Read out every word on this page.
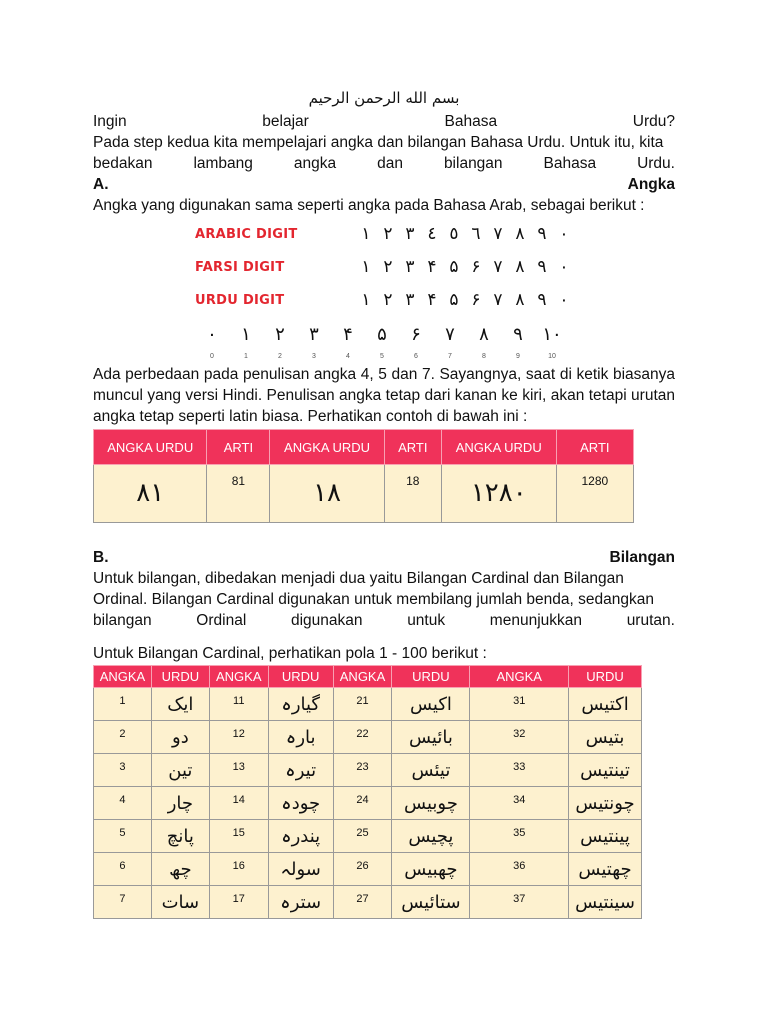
بسم الله الرحمن الرحيم
Ingin	belajar	Bahasa	Urdu?
Pada step kedua kita mempelajari angka dan bilangan Bahasa Urdu. Untuk itu, kita
bedakan	lambang	angka	dan	bilangan	Bahasa	Urdu.
A.	Angka
Angka yang digunakan sama seperti angka pada Bahasa Arab, sebagai berikut :
ARABIC DIGIT	١ ٢ ٣ ٤ ٥ ٦ ٧ ٨ ٩ ٠
FARSI DIGIT	١ ٢ ٣ ۴ ۵ ۶ ٧ ٨ ٩ ٠
URDU DIGIT	١ ٢ ٣ ۴ ۵ ۶ ۷ ٨ ٩ ٠
٠
0
١
1
٢
2
٣
3
۴
4
۵
5
۶
6
۷
7
٨
8
٩
9
١٠
10
Ada perbedaan pada penulisan angka 4, 5 dan 7. Sayangnya, saat di ketik biasanya muncul yang versi Hindi. Penulisan angka tetap dari kanan ke kiri, akan tetapi urutan angka tetap seperti latin biasa. Perhatikan contoh di bawah ini :
ANGKA URDU	ARTI	ANGKA URDU	ARTI	ANGKA URDU	ARTI
٨١	81	١٨	18	١٢٨٠	1280
B.	Bilangan
Untuk bilangan, dibedakan menjadi dua yaitu Bilangan Cardinal dan Bilangan
Ordinal. Bilangan Cardinal digunakan untuk membilang jumlah benda, sedangkan
bilangan	Ordinal	digunakan	untuk	menunjukkan	urutan.
Untuk Bilangan Cardinal, perhatikan pola 1 - 100 berikut :
ANGKA	URDU	ANGKA	URDU	ANGKA	URDU	ANGKA	URDU
1	ایک	11	گیارہ	21	اکیس	31	اکتیس
2	دو	12	بارہ	22	بائیس	32	بتیس
3	تین	13	تیرہ	23	تیئس	33	تینتیس
4	چار	14	چودہ	24	چوبیس	34	چونتیس
5	پانچ	15	پندرہ	25	پچیس	35	پینتیس
6	چھ	16	سولہ	26	چھبیس	36	چھتیس
7	سات	17	سترہ	27	ستائیس	37	سینتیس
